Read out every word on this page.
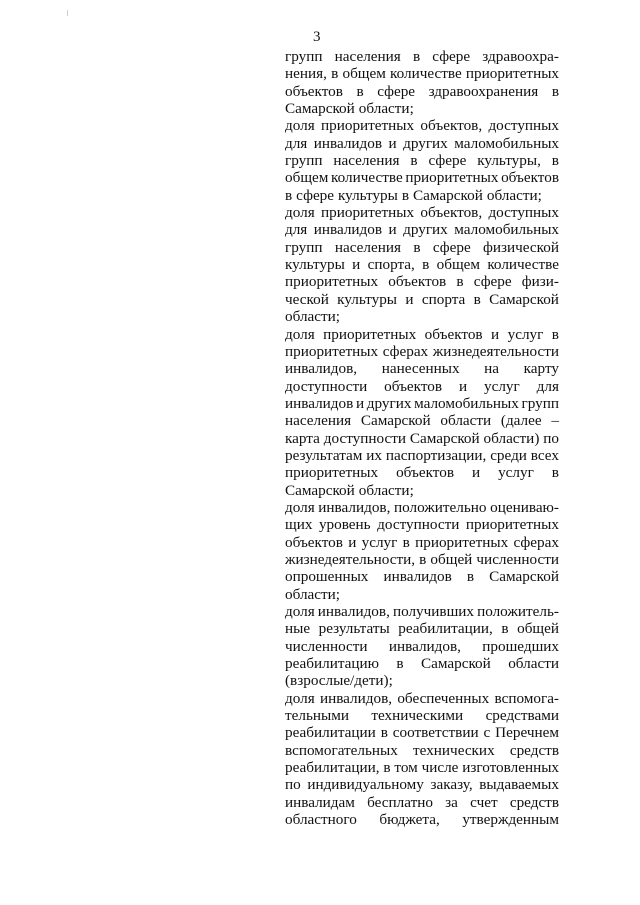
3
групп населения в сфере здравоохра-
нения, в общем количестве приоритетных
объектов в сфере здравоохранения в
Самарской области;
доля приоритетных объектов, доступных
для инвалидов и других маломобильных
групп населения в сфере культуры, в
общем количестве приоритетных объектов
в сфере культуры в Самарской области;
доля приоритетных объектов, доступных
для инвалидов и других маломобильных
групп населения в сфере физической
культуры и спорта, в общем количестве
приоритетных объектов в сфере физи-
ческой культуры и спорта в Самарской
области;
доля приоритетных объектов и услуг в
приоритетных сферах жизнедеятельности
инвалидов, нанесенных на карту
доступности объектов и услуг для
инвалидов и других маломобильных групп
населения Самарской области (далее –
карта доступности Самарской области) по
результатам их паспортизации, среди всех
приоритетных объектов и услуг в
Самарской области;
доля инвалидов, положительно оцениваю-
щих уровень доступности приоритетных
объектов и услуг в приоритетных сферах
жизнедеятельности, в общей численности
опрошенных инвалидов в Самарской
области;
доля инвалидов, получивших положитель-
ные результаты реабилитации, в общей
численности инвалидов, прошедших
реабилитацию в Самарской области
(взрослые/дети);
доля инвалидов, обеспеченных вспомога-
тельными техническими средствами
реабилитации в соответствии с Перечнем
вспомогательных технических средств
реабилитации, в том числе изготовленных
по индивидуальному заказу, выдаваемых
инвалидам бесплатно за счет средств
областного бюджета, утвержденным
